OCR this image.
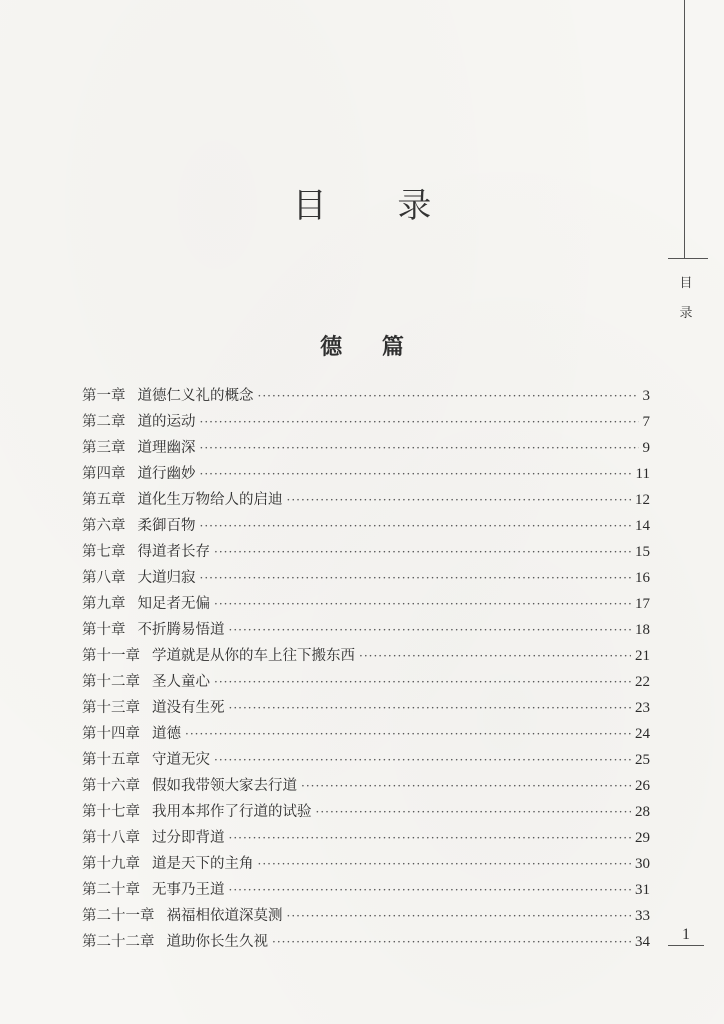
目
录
目 录
德 篇
第一章 道德仁义礼的概念 ·····	3
第二章 道的运动 ·····	7
第三章 道理幽深 ·····	9
第四章 道行幽妙 ·····	11
第五章 道化生万物给人的启迪 ·····	12
第六章 柔御百物 ·····	14
第七章 得道者长存 ·····	15
第八章 大道归寂 ·····	16
第九章 知足者无偏 ·····	17
第十章 不折腾易悟道 ·····	18
第十一章 学道就是从你的车上往下搬东西 ·····	21
第十二章 圣人童心 ·····	22
第十三章 道没有生死 ·····	23
第十四章 道德 ·····	24
第十五章 守道无灾 ·····	25
第十六章 假如我带领大家去行道 ·····	26
第十七章 我用本邦作了行道的试验 ·····	28
第十八章 过分即背道 ·····	29
第十九章 道是天下的主角 ·····	30
第二十章 无事乃王道 ·····	31
第二十一章 祸福相依道深莫测 ·····	33
第二十二章 道助你长生久视 ·····	34	1
